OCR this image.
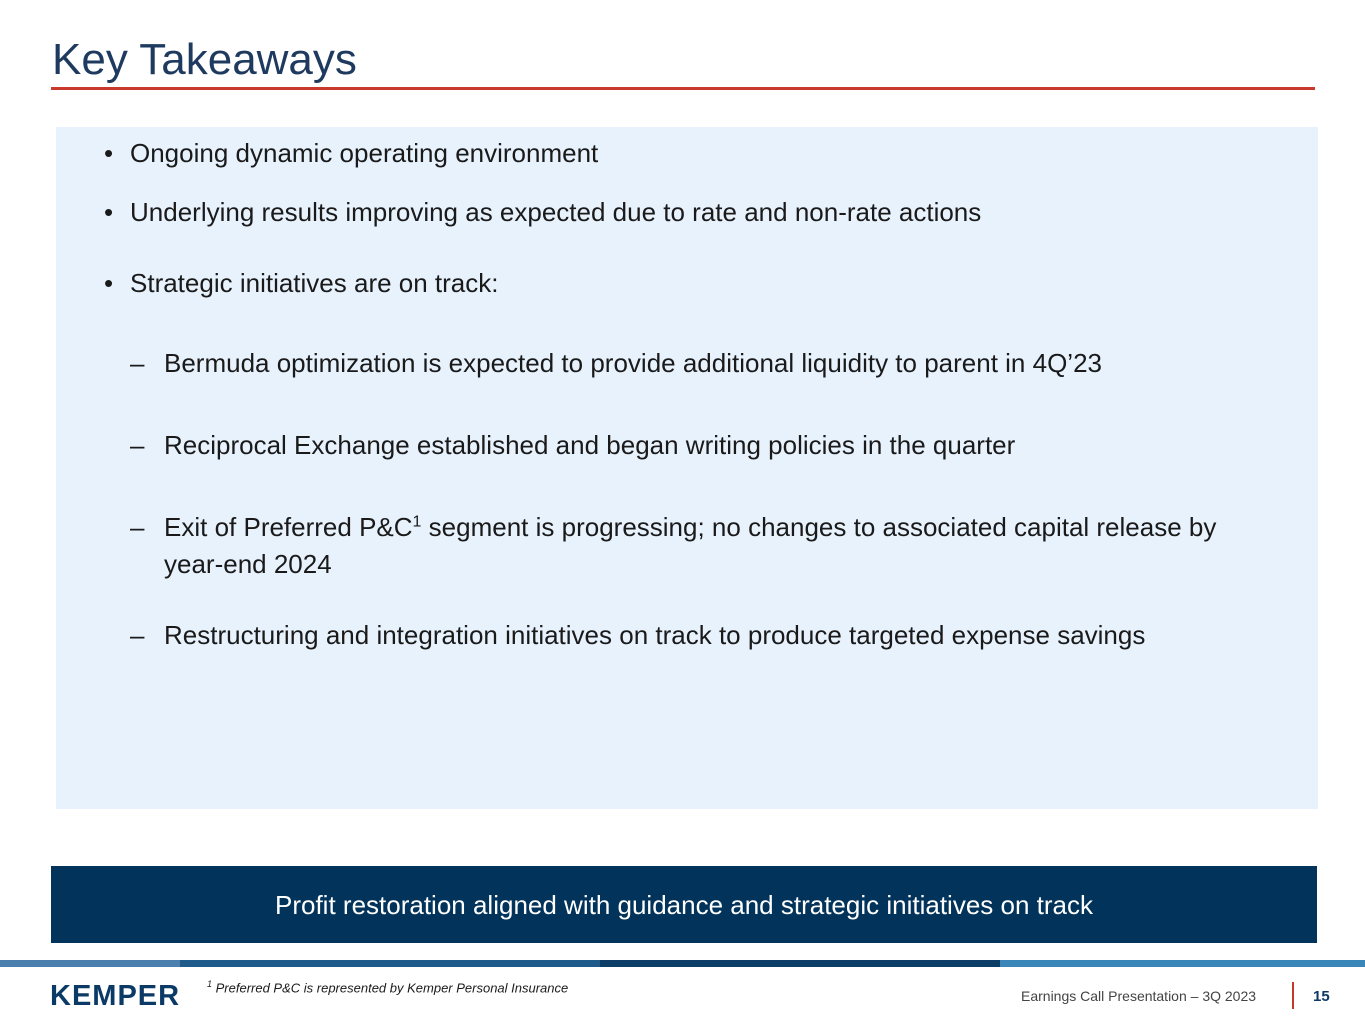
Key Takeaways
• Ongoing dynamic operating environment
• Underlying results improving as expected due to rate and non-rate actions
• Strategic initiatives are on track:
– Bermuda optimization is expected to provide additional liquidity to parent in 4Q’23
– Reciprocal Exchange established and began writing policies in the quarter
– Exit of Preferred $P\&C^1$ segment is progressing; no changes to associated capital release by year-end 2024
– Restructuring and integration initiatives on track to produce targeted expense savings
Profit restoration aligned with guidance and strategic initiatives on track
KEMPER	$^1$ Preferred P&C is represented by Kemper Personal Insurance
Earnings Call Presentation – 3Q 2023	15
